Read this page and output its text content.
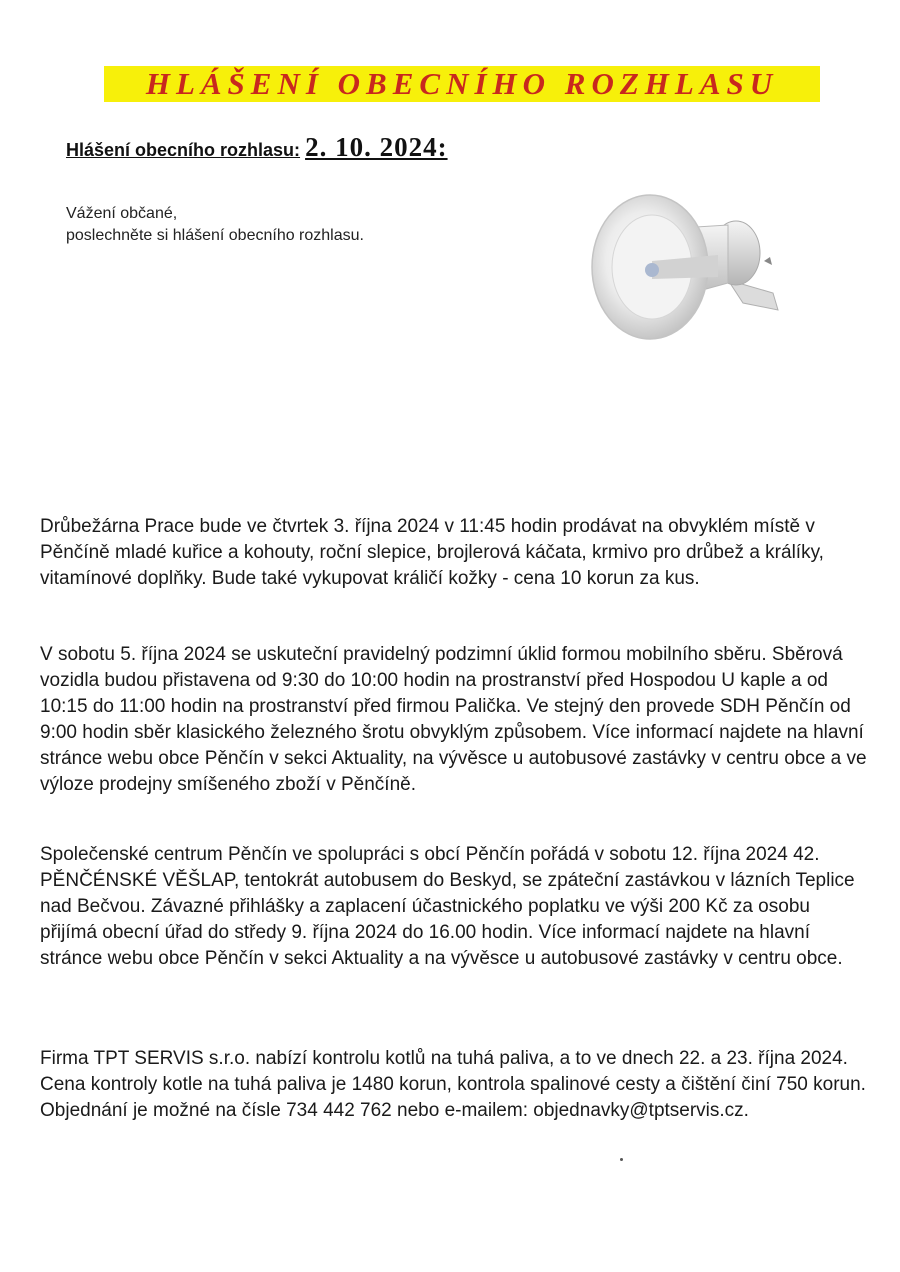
HLÁŠENÍ OBECNÍHO ROZHLASU
Hlášení obecního rozhlasu: 2. 10. 2024:
Vážení občané,
poslechněte si hlášení obecního rozhlasu.
Drůbežárna Prace bude ve čtvrtek 3. října 2024 v 11:45 hodin prodávat na obvyklém místě v Pěnčíně mladé kuřice a kohouty, roční slepice, brojlerová káčata, krmivo pro drůbež a králíky, vitamínové doplňky. Bude také vykupovat králičí kožky - cena 10 korun za kus.
V sobotu 5. října 2024 se uskuteční pravidelný podzimní úklid formou mobilního sběru. Sběrová vozidla budou přistavena od 9:30 do 10:00 hodin na prostranství před Hospodou U kaple a od 10:15 do 11:00 hodin na prostranství před firmou Palička. Ve stejný den provede SDH Pěnčín od 9:00 hodin sběr klasického železného šrotu obvyklým způsobem. Více informací najdete na hlavní stránce webu obce Pěnčín v sekci Aktuality, na vývěsce u autobusové zastávky v centru obce a ve výloze prodejny smíšeného zboží v Pěnčíně.
Společenské centrum Pěnčín ve spolupráci s obcí Pěnčín pořádá v sobotu 12. října 2024 42. PĚNČÉNSKÉ VĚŠLAP, tentokrát autobusem do Beskyd, se zpáteční zastávkou v lázních Teplice nad Bečvou. Závazné přihlášky a zaplacení účastnického poplatku ve výši 200 Kč za osobu přijímá obecní úřad do středy 9. října 2024 do 16.00 hodin. Více informací najdete na hlavní stránce webu obce Pěnčín v sekci Aktuality a na vývěsce u autobusové zastávky v centru obce.
Firma TPT SERVIS s.r.o. nabízí kontrolu kotlů na tuhá paliva, a to ve dnech 22. a 23. října 2024. Cena kontroly kotle na tuhá paliva je 1480 korun, kontrola spalinové cesty a čištění činí 750 korun. Objednání je možné na čísle 734 442 762 nebo e-mailem: objednavky@tptservis.cz.
